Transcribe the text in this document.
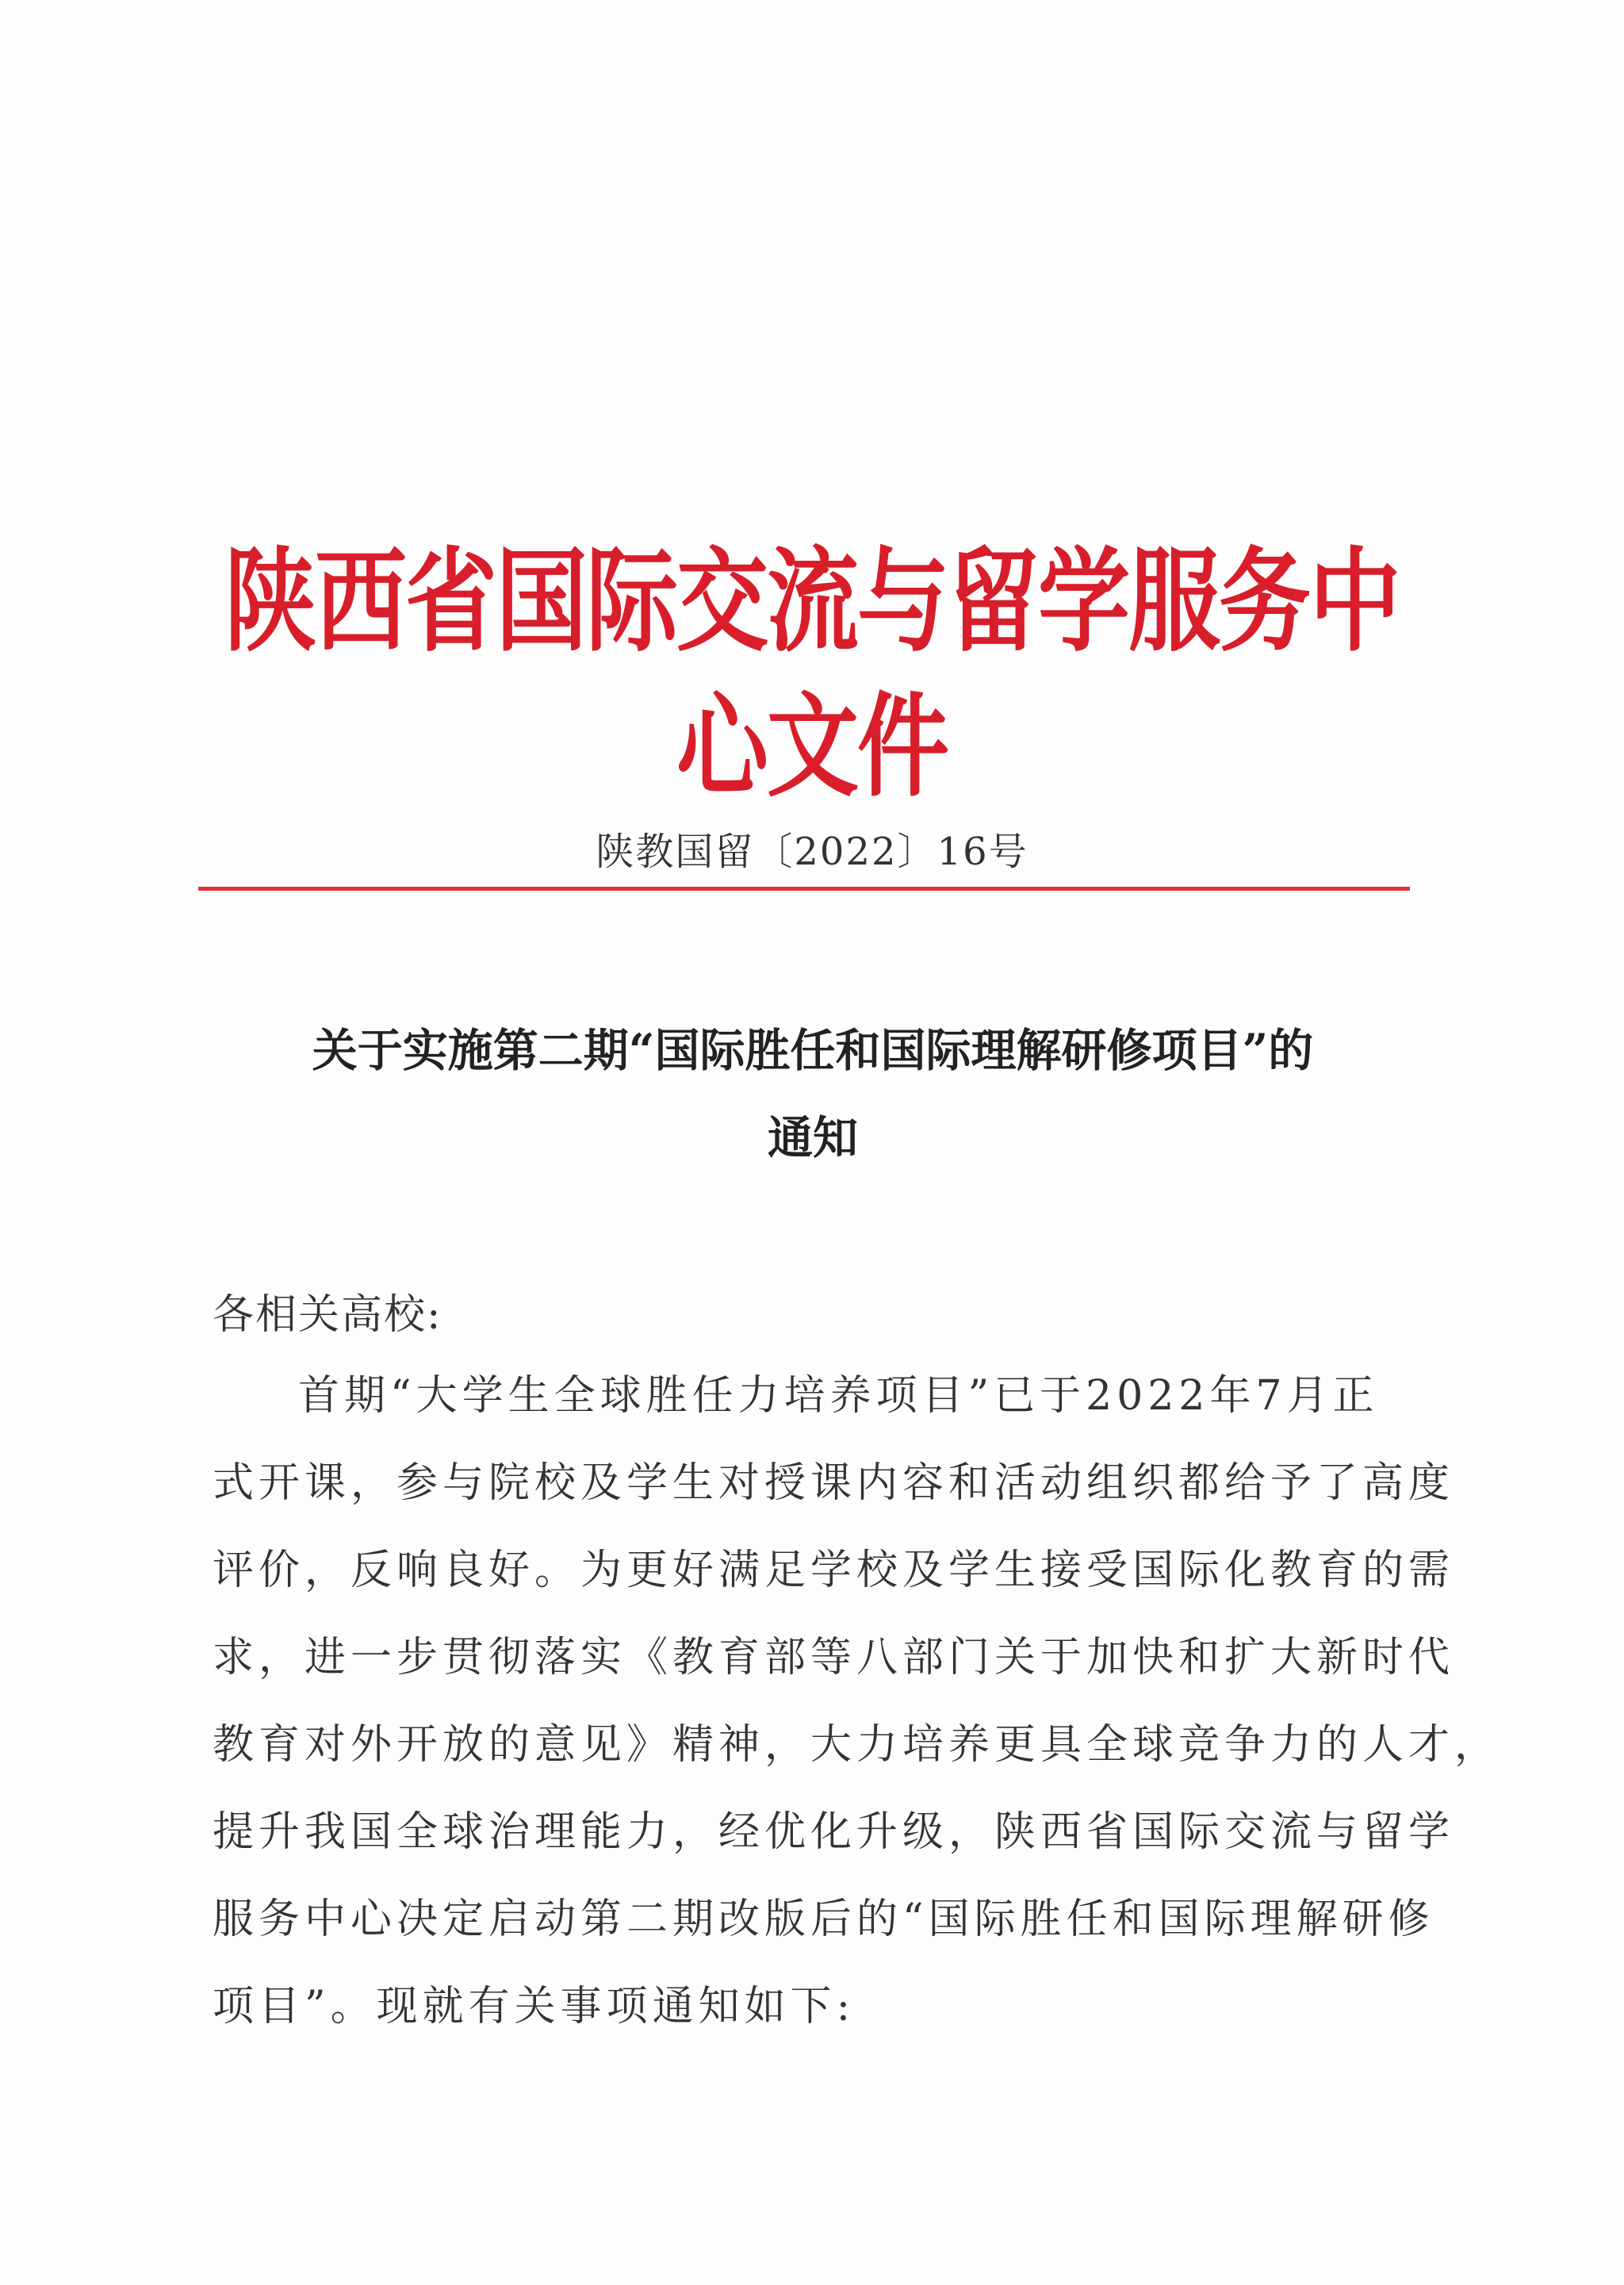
陕西省国际交流与留学服务中心文件
陕教国留〔2022〕16号
关于实施第二期“国际胜任和国际理解研修项目”的
通知
各相关高校:
首期“大学生全球胜任力培养项目”已于2022年7月正
式开课，参与院校及学生对授课内容和活动组织都给予了高度
评价，反响良好。为更好满足学校及学生接受国际化教育的需
求，进一步贯彻落实《教育部等八部门关于加快和扩大新时代
教育对外开放的意见》精神，大力培养更具全球竞争力的人才，
提升我国全球治理能力，经优化升级，陕西省国际交流与留学
服务中心决定启动第二期改版后的“国际胜任和国际理解研修
项目”。现就有关事项通知如下:
